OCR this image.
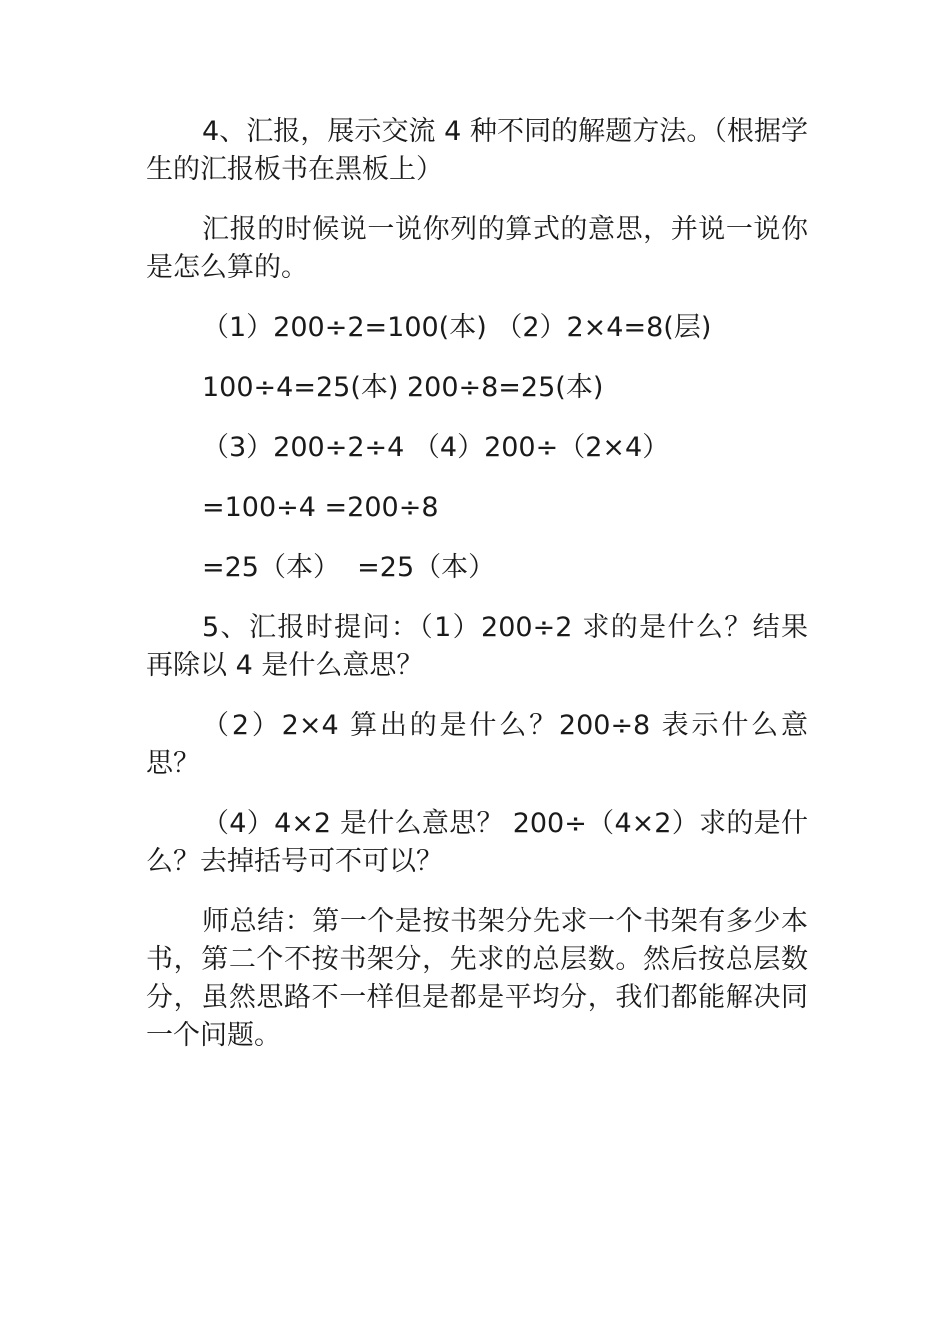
4、汇报，展示交流 4 种不同的解题方法。（根据学生的汇报板书在黑板上）

汇报的时候说一说你列的算式的意思，并说一说你是怎么算的。

（1）200÷2=100(本) （2）2×4=8(层)

100÷4=25(本) 200÷8=25(本)

（3）200÷2÷4 （4）200÷（2×4）

=100÷4 =200÷8

=25（本）  =25（本）

5、汇报时提问：（1）200÷2 求的是什么？结果再除以 4 是什么意思？

（2）2×4 算出的是什么？200÷8 表示什么意思？

（4）4×2 是什么意思？ 200÷（4×2）求的是什么？去掉括号可不可以？

师总结：第一个是按书架分先求一个书架有多少本书，第二个不按书架分，先求的总层数。然后按总层数分，虽然思路不一样但是都是平均分，我们都能解决同一个问题。
